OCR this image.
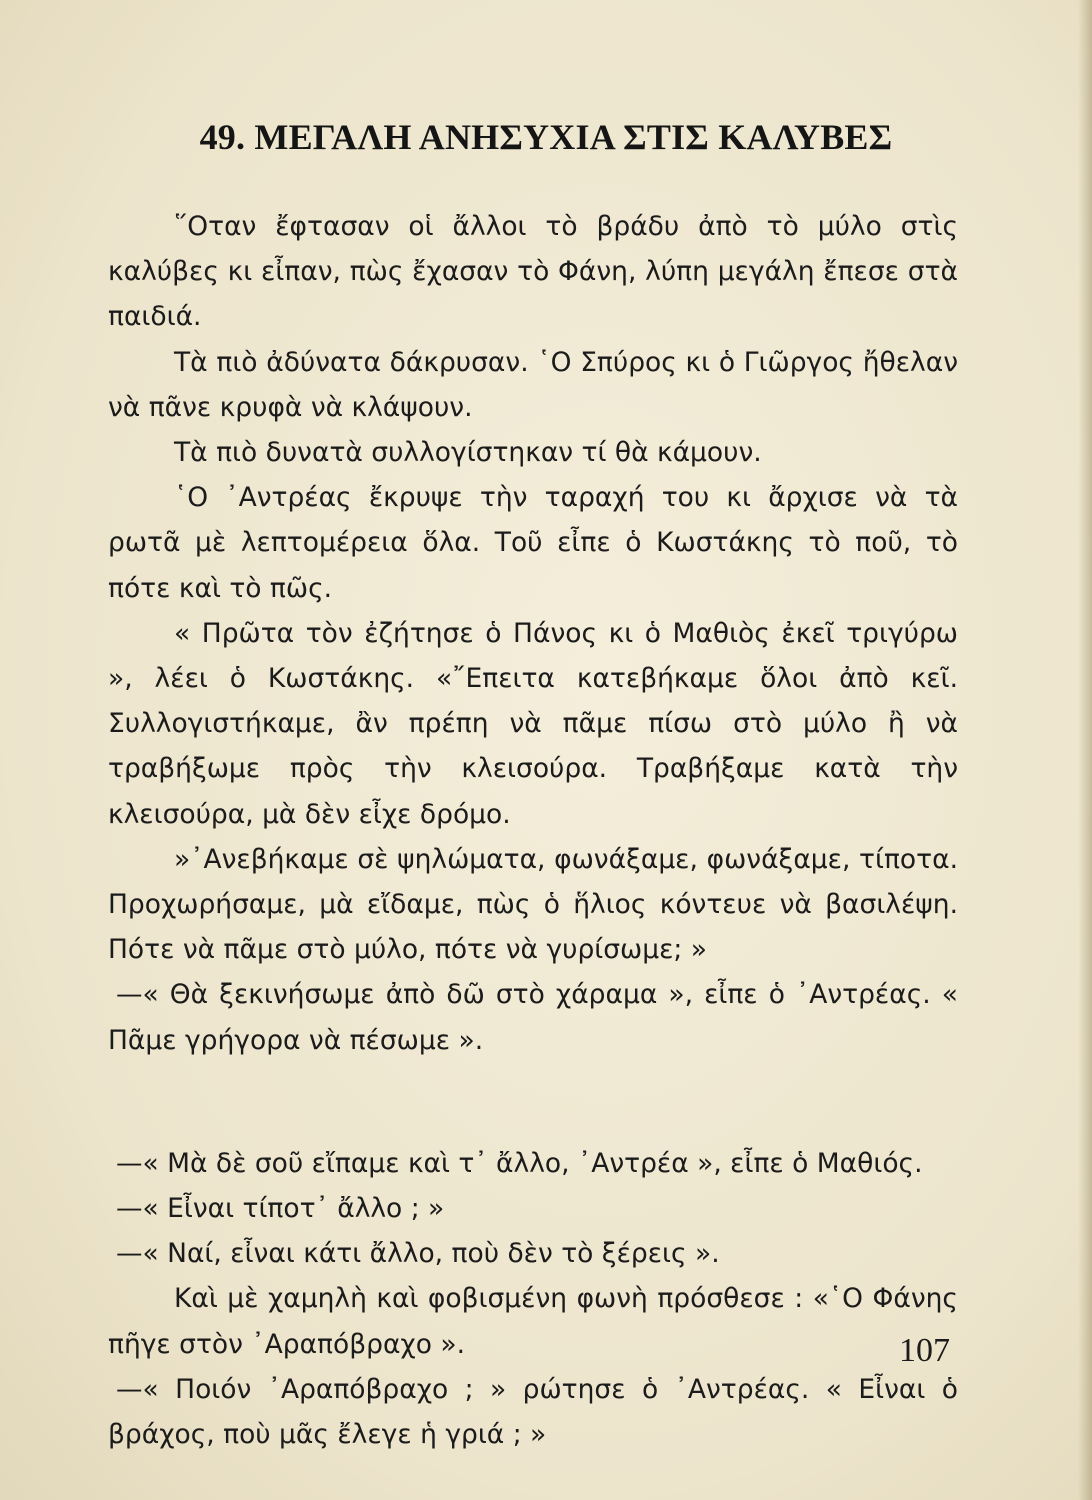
49. ΜΕΓΑΛΗ ΑΝΗΣΥΧΙΑ ΣΤΙΣ ΚΑΛΥΒΕΣ

῞Οταν ἔφτασαν οἱ ἄλλοι τὸ βράδυ ἀπὸ τὸ μύλο στὶς καλύβες κι εἶπαν, πὼς ἔχασαν τὸ Φάνη, λύπη μεγάλη ἔπεσε στὰ παιδιά.

Τὰ πιὸ ἀδύνατα δάκρυσαν. ῾Ο Σπύρος κι ὁ Γιῶργος ἤθελαν νὰ πᾶνε κρυφὰ νὰ κλάψουν.

Τὰ πιὸ δυνατὰ συλλογίστηκαν τί θὰ κάμουν.

῾Ο ᾿Αντρέας ἔκρυψε τὴν ταραχή του κι ἄρχισε νὰ τὰ ρωτᾶ μὲ λεπτομέρεια ὅλα. Τοῦ εἶπε ὁ Κωστάκης τὸ ποῦ, τὸ πότε καὶ τὸ πῶς.

« Πρῶτα τὸν ἐζήτησε ὁ Πάνος κι ὁ Μαθιὸς ἐκεῖ τριγύρω », λέει ὁ Κωστάκης. «῎Επειτα κατεβήκαμε ὅλοι ἀπὸ κεῖ. Συλλογιστήκαμε, ἂν πρέπη νὰ πᾶμε πίσω στὸ μύλο ἢ νὰ τραβήξωμε πρὸς τὴν κλεισούρα. Τραβήξαμε κατὰ τὴν κλεισούρα, μὰ δὲν εἶχε δρόμο.

»᾿Ανεβήκαμε σὲ ψηλώματα, φωνάξαμε, φωνάξαμε, τίποτα. Προχωρήσαμε, μὰ εἴδαμε, πὼς ὁ ἥλιος κόντευε νὰ βασιλέψη. Πότε νὰ πᾶμε στὸ μύλο, πότε νὰ γυρίσωμε; »

—« Θὰ ξεκινήσωμε ἀπὸ δῶ στὸ χάραμα », εἶπε ὁ ᾿Αντρέας. « Πᾶμε γρήγορα νὰ πέσωμε ».

—« Μὰ δὲ σοῦ εἴπαμε καὶ τ᾿ ἄλλο, ᾿Αντρέα », εἶπε ὁ Μαθιός.

—« Εἶναι τίποτ᾿ ἄλλο ; »

—« Ναί, εἶναι κάτι ἄλλο, ποὺ δὲν τὸ ξέρεις ».

Καὶ μὲ χαμηλὴ καὶ φοβισμένη φωνὴ πρόσθεσε : «῾Ο Φάνης πῆγε στὸν ᾿Αραπόβραχο ».

—« Ποιόν ᾿Αραπόβραχο ; » ρώτησε ὁ ᾿Αντρέας. « Εἶναι ὁ βράχος, ποὺ μᾶς ἔλεγε ἡ γριά ; »

107
